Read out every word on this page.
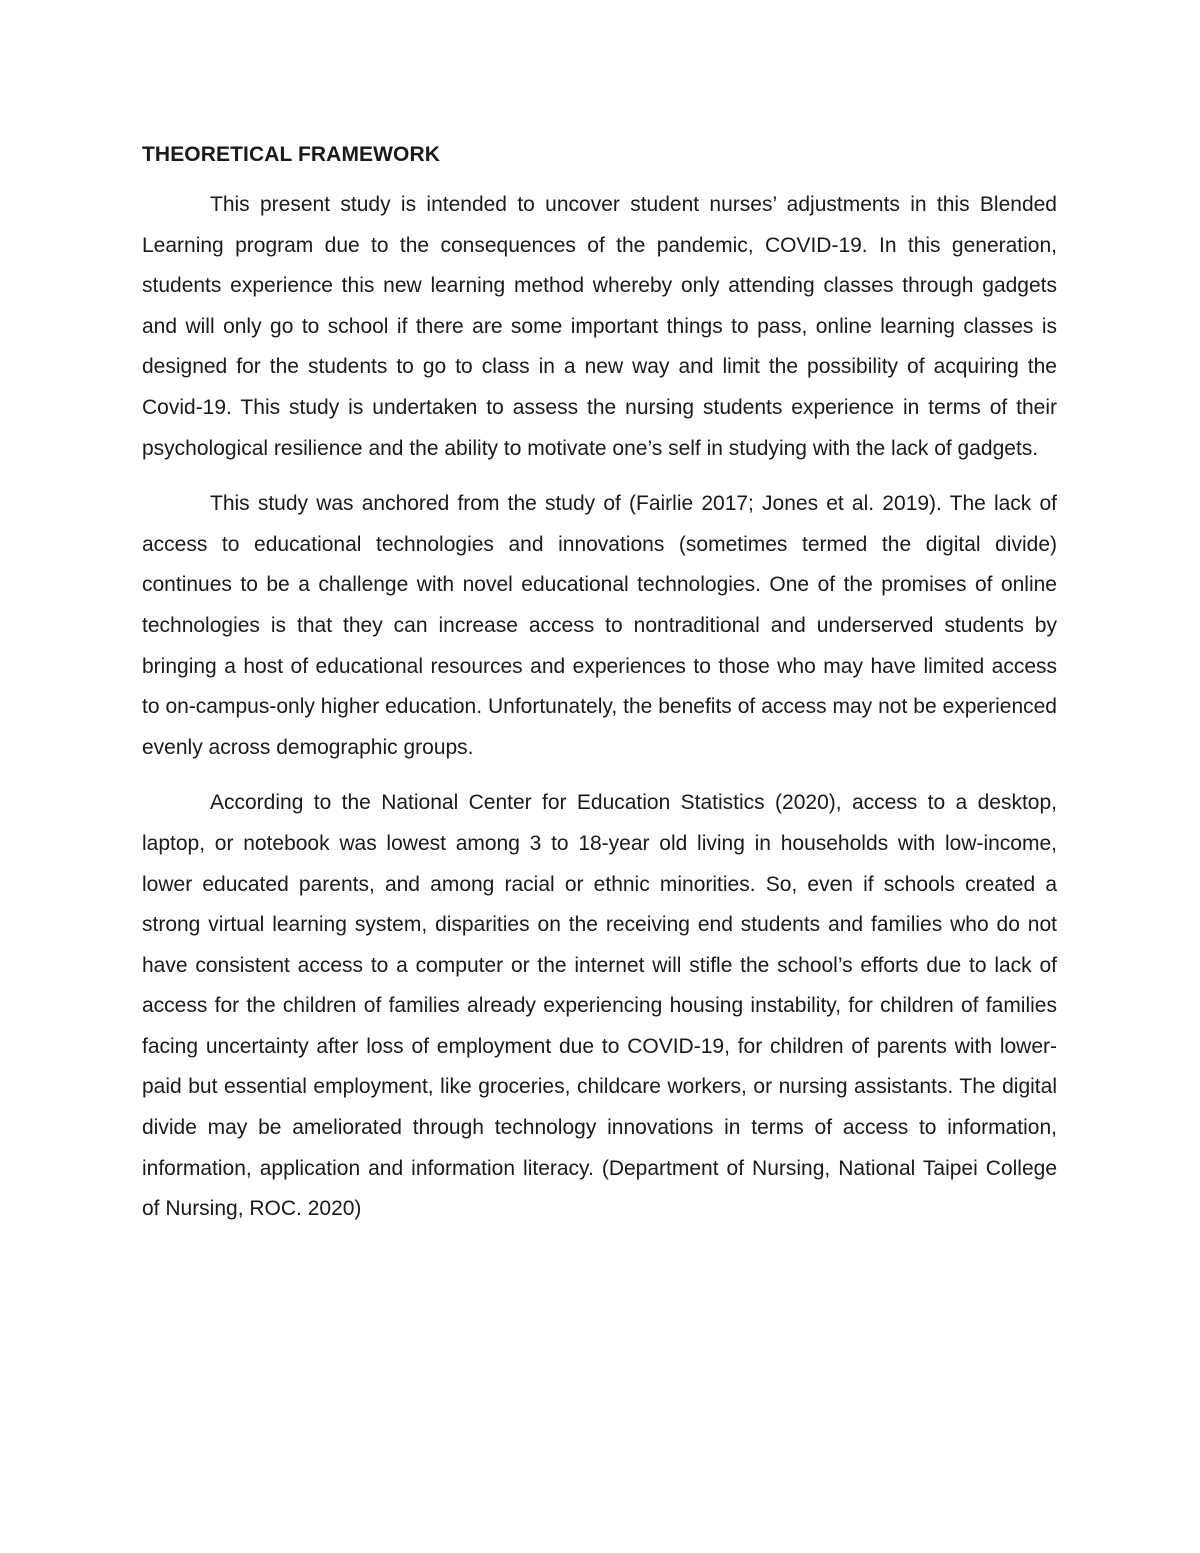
THEORETICAL FRAMEWORK

This present study is intended to uncover student nurses’ adjustments in this Blended Learning program due to the consequences of the pandemic, COVID-19. In this generation, students experience this new learning method whereby only attending classes through gadgets and will only go to school if there are some important things to pass, online learning classes is designed for the students to go to class in a new way and limit the possibility of acquiring the Covid-19. This study is undertaken to assess the nursing students experience in terms of their psychological resilience and the ability to motivate one’s self in studying with the lack of gadgets.

This study was anchored from the study of (Fairlie 2017; Jones et al. 2019). The lack of access to educational technologies and innovations (sometimes termed the digital divide) continues to be a challenge with novel educational technologies. One of the promises of online technologies is that they can increase access to nontraditional and underserved students by bringing a host of educational resources and experiences to those who may have limited access to on-campus-only higher education. Unfortunately, the benefits of access may not be experienced evenly across demographic groups.

According to the National Center for Education Statistics (2020), access to a desktop, laptop, or notebook was lowest among 3 to 18-year old living in households with low-income, lower educated parents, and among racial or ethnic minorities. So, even if schools created a strong virtual learning system, disparities on the receiving end students and families who do not have consistent access to a computer or the internet will stifle the school’s efforts due to lack of access for the children of families already experiencing housing instability, for children of families facing uncertainty after loss of employment due to COVID-19, for children of parents with lower-paid but essential employment, like groceries, childcare workers, or nursing assistants. The digital divide may be ameliorated through technology innovations in terms of access to information, information, application and information literacy. (Department of Nursing, National Taipei College of Nursing, ROC. 2020)
